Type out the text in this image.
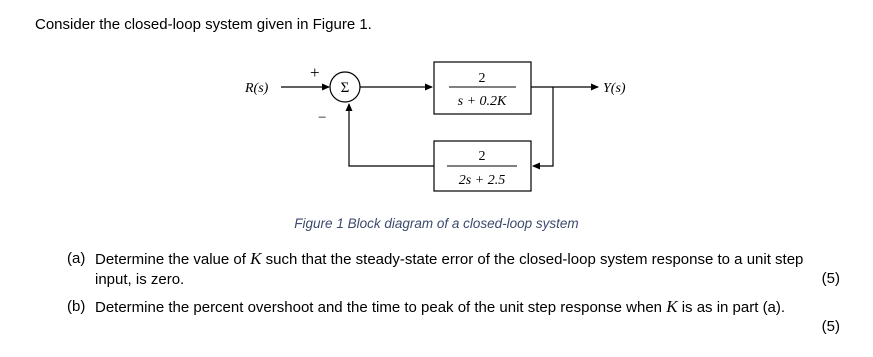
Consider the closed-loop system given in Figure 1.
R(s)
+
Σ
−
2
s + 0.2K
Y(s)
2
2s + 2.5
Figure 1 Block diagram of a closed-loop system
(a) Determine the value of K such that the steady-state error of the closed-loop system response to a unit step input, is zero.	(5)
(b) Determine the percent overshoot and the time to peak of the unit step response when K is as in part (a).
(5)
